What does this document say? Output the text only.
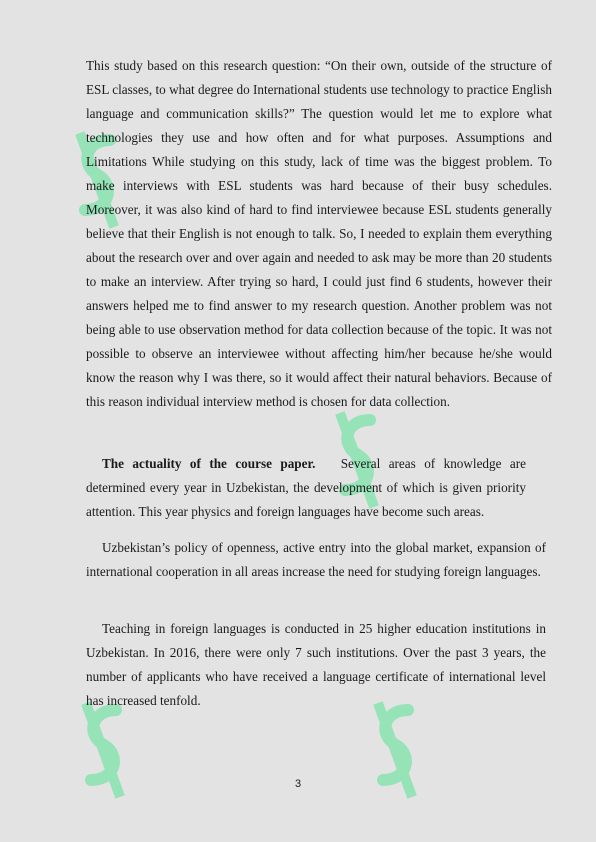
This study based on this research question: “On their own, outside of the structure of ESL classes, to what degree do International students use technology to practice English language and communication skills?” The question would let me to explore what technologies they use and how often and for what purposes. Assumptions and Limitations While studying on this study, lack of time was the biggest problem. To make interviews with ESL students was hard because of their busy schedules. Moreover, it was also kind of hard to find interviewee because ESL students generally believe that their English is not enough to talk. So, I needed to explain them everything about the research over and over again and needed to ask may be more than 20 students to make an interview. After trying so hard, I could just find 6 students, however their answers helped me to find answer to my research question. Another problem was not being able to use observation method for data collection because of the topic. It was not possible to observe an interviewee without affecting him/her because he/she would know the reason why I was there, so it would affect their natural behaviors. Because of this reason individual interview method is chosen for data collection.

The actuality of the course paper. Several areas of knowledge are determined every year in Uzbekistan, the development of which is given priority attention. This year physics and foreign languages have become such areas.

Uzbekistan’s policy of openness, active entry into the global market, expansion of international cooperation in all areas increase the need for studying foreign languages.

Teaching in foreign languages is conducted in 25 higher education institutions in Uzbekistan. In 2016, there were only 7 such institutions. Over the past 3 years, the number of applicants who have received a language certificate of international level has increased tenfold.

3
